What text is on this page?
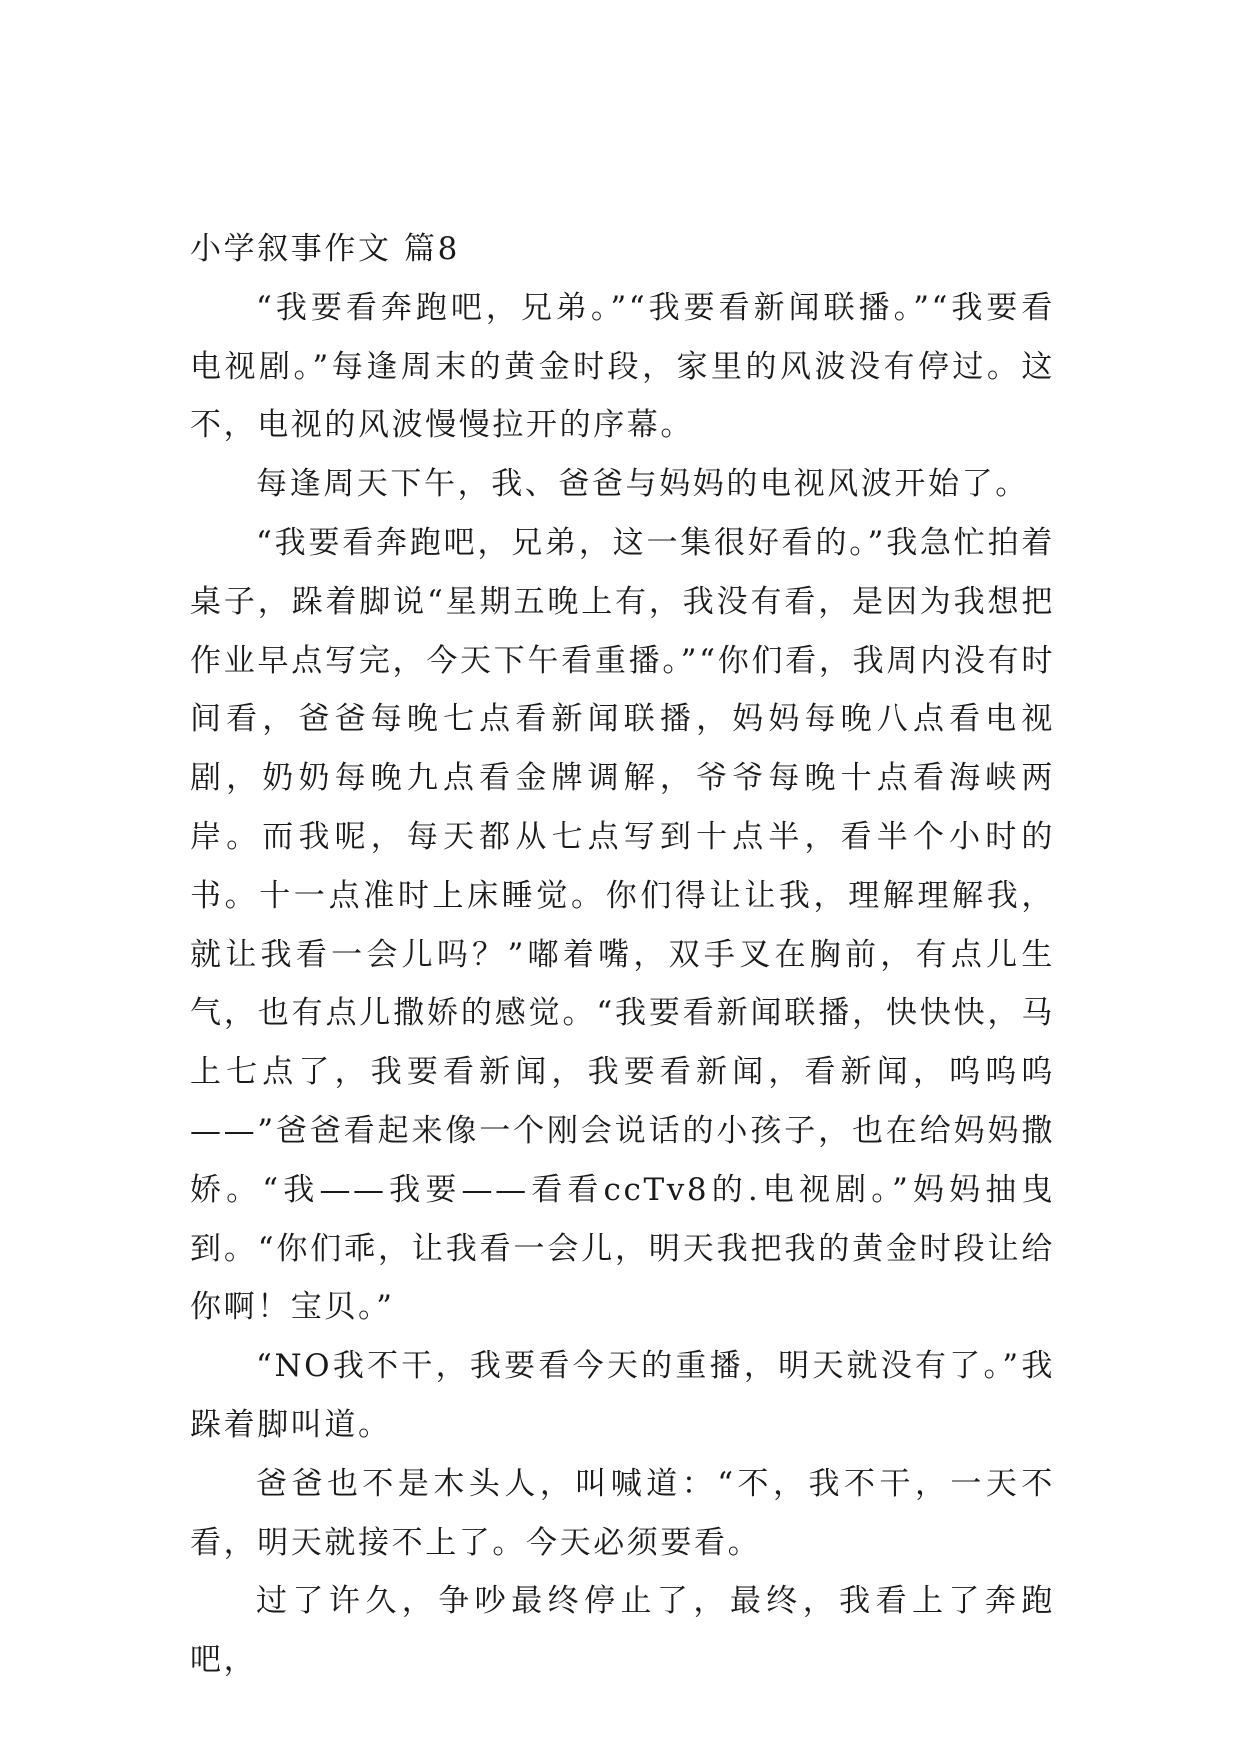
小学叙事作文 篇8

“我要看奔跑吧，兄弟。”“我要看新闻联播。”“我要看电视剧。”每逢周末的黄金时段，家里的风波没有停过。这不，电视的风波慢慢拉开的序幕。

每逢周天下午，我、爸爸与妈妈的电视风波开始了。

“我要看奔跑吧，兄弟，这一集很好看的。”我急忙拍着桌子，跺着脚说“星期五晚上有，我没有看，是因为我想把作业早点写完，今天下午看重播。”“你们看，我周内没有时间看，爸爸每晚七点看新闻联播，妈妈每晚八点看电视剧，奶奶每晚九点看金牌调解，爷爷每晚十点看海峡两岸。而我呢，每天都从七点写到十点半，看半个小时的书。十一点准时上床睡觉。你们得让让我，理解理解我，就让我看一会儿吗？”嘟着嘴，双手叉在胸前，有点儿生气，也有点儿撒娇的感觉。“我要看新闻联播，快快快，马上七点了，我要看新闻，我要看新闻，看新闻，呜呜呜——”爸爸看起来像一个刚会说话的小孩子，也在给妈妈撒娇。“我——我要——看看ccTv8的.电视剧。”妈妈抽曳到。“你们乖，让我看一会儿，明天我把我的黄金时段让给你啊！宝贝。”

“NO我不干，我要看今天的重播，明天就没有了。”我跺着脚叫道。

爸爸也不是木头人，叫喊道：“不，我不干，一天不看，明天就接不上了。今天必须要看。

过了许久，争吵最终停止了，最终，我看上了奔跑吧，
